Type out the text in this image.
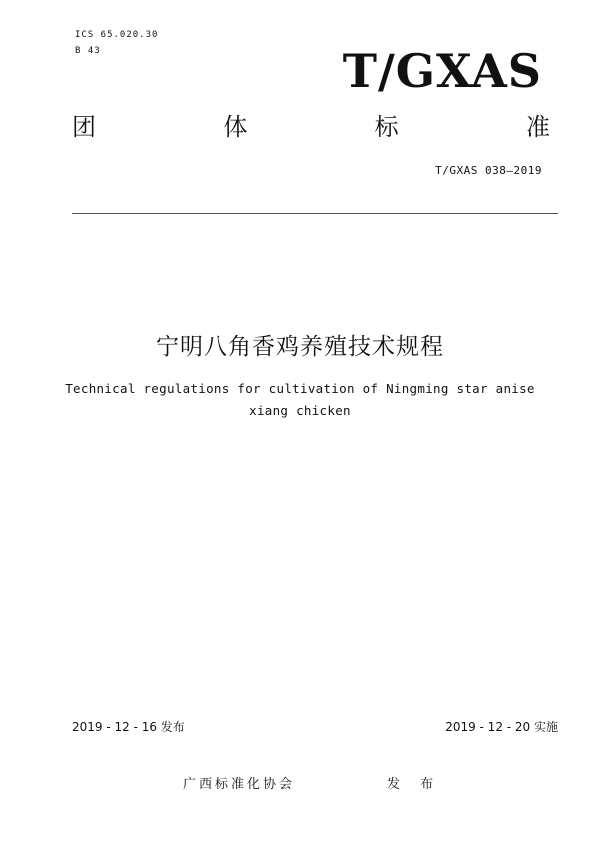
ICS 65.020.30
B 43	T/GXAS
团	体	标	准
T/GXAS 038—2019
宁明八角香鸡养殖技术规程
Technical regulations for cultivation of Ningming star anise xiang chicken
2019 - 12 - 16 发布	2019 - 12 - 20 实施
广西标准化协会	发 布
